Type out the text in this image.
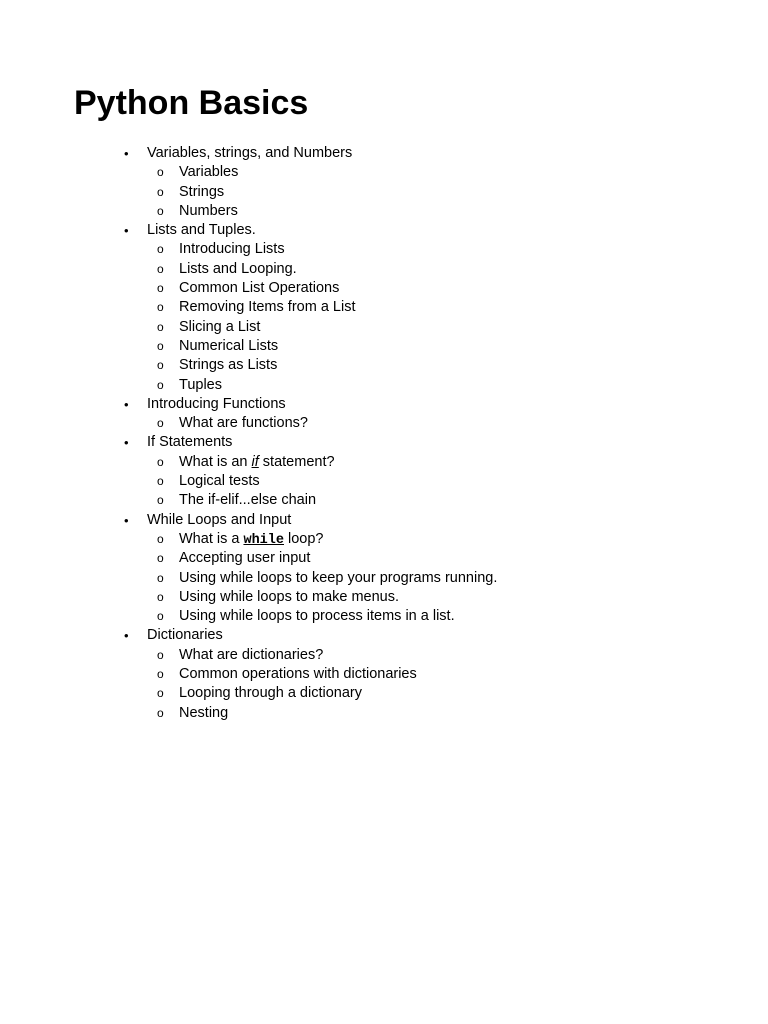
Python Basics
•	Variables, strings, and Numbers
o Variables
o Strings
o Numbers
•	Lists and Tuples.
o Introducing Lists
o Lists and Looping.
o Common List Operations
o Removing Items from a List
o Slicing a List
o Numerical Lists
o Strings as Lists
o Tuples
•	Introducing Functions
o What are functions?
•	If Statements
o What is an if statement?
o Logical tests
o The if-elif...else chain
•	While Loops and Input
o What is a while loop?
o Accepting user input
o Using while loops to keep your programs running.
o Using while loops to make menus.
o Using while loops to process items in a list.
•	Dictionaries
o What are dictionaries?
o Common operations with dictionaries
o Looping through a dictionary
o Nesting
